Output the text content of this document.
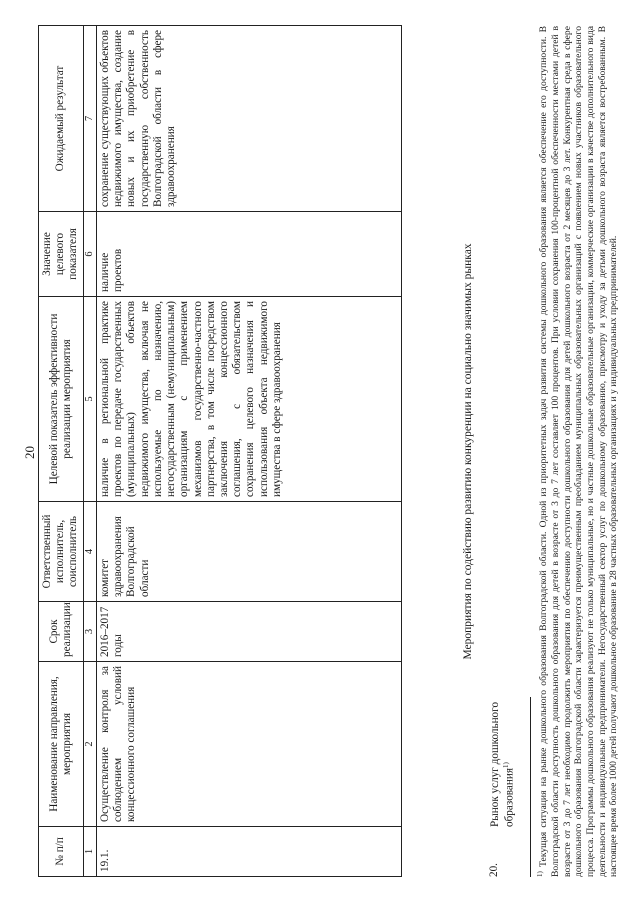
20
№ п/п	Наименование направления, мероприятия	Срок реализации	Ответственный исполнитель, соисполнитель	Целевой показатель эффективности реализации мероприятия	Значение целевого показателя	Ожидаемый результат
1	2	3	4	5	6	7
19.1.	Осуществление контроля за соблюдением условий концессионного соглашения	2016–2017 годы	комитет здравоохранения Волгоградской области	наличие в региональной практике проектов по передаче государственных (муниципальных) объектов недвижимого имущества, включая не используемые по назначению, негосударственным (немуниципальным) организациям с применением механизмов государственно-частного партнерства, в том числе посредством заключения концессионного соглашения, с обязательством сохранения целевого назначения и использования объекта недвижимого имущества в сфере здравоохранения	наличие проектов	сохранение существующих объектов недвижимого имущества, создание новых и их приобретение в государственную собственность Волгоградской области в сфере здравоохранения
Мероприятия по содействию развитию конкуренции на социально значимых рынках
20.
Рынок услуг дошкольного образования$^{1)}$
$^{1)}$ Текущая ситуация на рынке дошкольного образования Волгоградской области. Одной из приоритетных задач развития системы дошкольного образования является обеспечение его доступности. В Волгоградской области доступность дошкольного образования для детей в возрасте от 3 до 7 лет составляет 100 процентов. При условии сохранения 100-процентной обеспеченности местами детей в возрасте от 3 до 7 лет необходимо продолжить мероприятия по обеспечению доступности дошкольного образования для детей дошкольного возраста от 2 месяцев до 3 лет. Конкурентная среда в сфере дошкольного образования Волгоградской области характеризуется преимущественным преобладанием муниципальных образовательных организаций с появлением новых участников образовательного процесса. Программы дошкольного образования реализуют не только муниципальные, но и частные дошкольные образовательные организации, коммерческие организации в качестве дополнительного вида деятельности и индивидуальные предприниматели. Негосударственный сектор услуг по дошкольному образованию, присмотру и уходу за детьми дошкольного возраста является востребованным. В настоящее время более 1000 детей получают дошкольное образование в 28 частных образовательных организациях и у индивидуальных предпринимателей.
